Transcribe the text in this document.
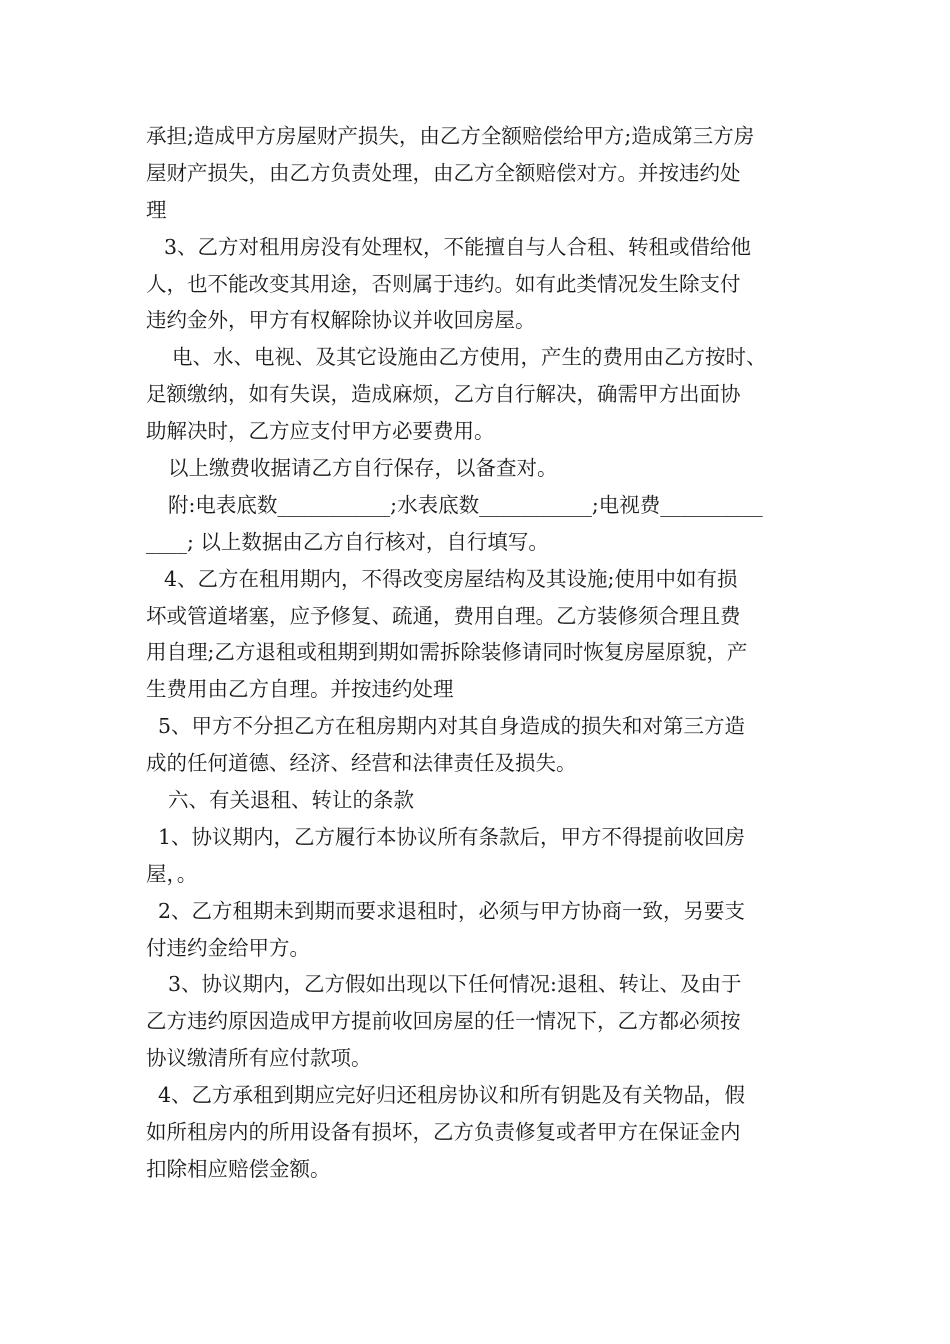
承担;造成甲方房屋财产损失，由乙方全额赔偿给甲方;造成第三方房
屋财产损失，由乙方负责处理，由乙方全额赔偿对方。并按违约处
理
3、乙方对租用房没有处理权，不能擅自与人合租、转租或借给他
人，也不能改变其用途，否则属于违约。如有此类情况发生除支付
违约金外，甲方有权解除协议并收回房屋。
电、水、电视、及其它设施由乙方使用，产生的费用由乙方按时、
足额缴纳，如有失误，造成麻烦，乙方自行解决，确需甲方出面协
助解决时，乙方应支付甲方必要费用。
以上缴费收据请乙方自行保存，以备查对。
附:电表底数___________;水表底数___________;电视费__________
____; 以上数据由乙方自行核对，自行填写。
4、乙方在租用期内，不得改变房屋结构及其设施;使用中如有损
坏或管道堵塞，应予修复、疏通，费用自理。乙方装修须合理且费
用自理;乙方退租或租期到期如需拆除装修请同时恢复房屋原貌，产
生费用由乙方自理。并按违约处理
5、甲方不分担乙方在租房期内对其自身造成的损失和对第三方造
成的任何道德、经济、经营和法律责任及损失。
六、有关退租、转让的条款
1、协议期内，乙方履行本协议所有条款后，甲方不得提前收回房
屋，。
2、乙方租期未到期而要求退租时，必须与甲方协商一致，另要支
付违约金给甲方。
3、协议期内，乙方假如出现以下任何情况:退租、转让、及由于
乙方违约原因造成甲方提前收回房屋的任一情况下，乙方都必须按
协议缴清所有应付款项。
4、乙方承租到期应完好归还租房协议和所有钥匙及有关物品，假
如所租房内的所用设备有损坏，乙方负责修复或者甲方在保证金内
扣除相应赔偿金额。
